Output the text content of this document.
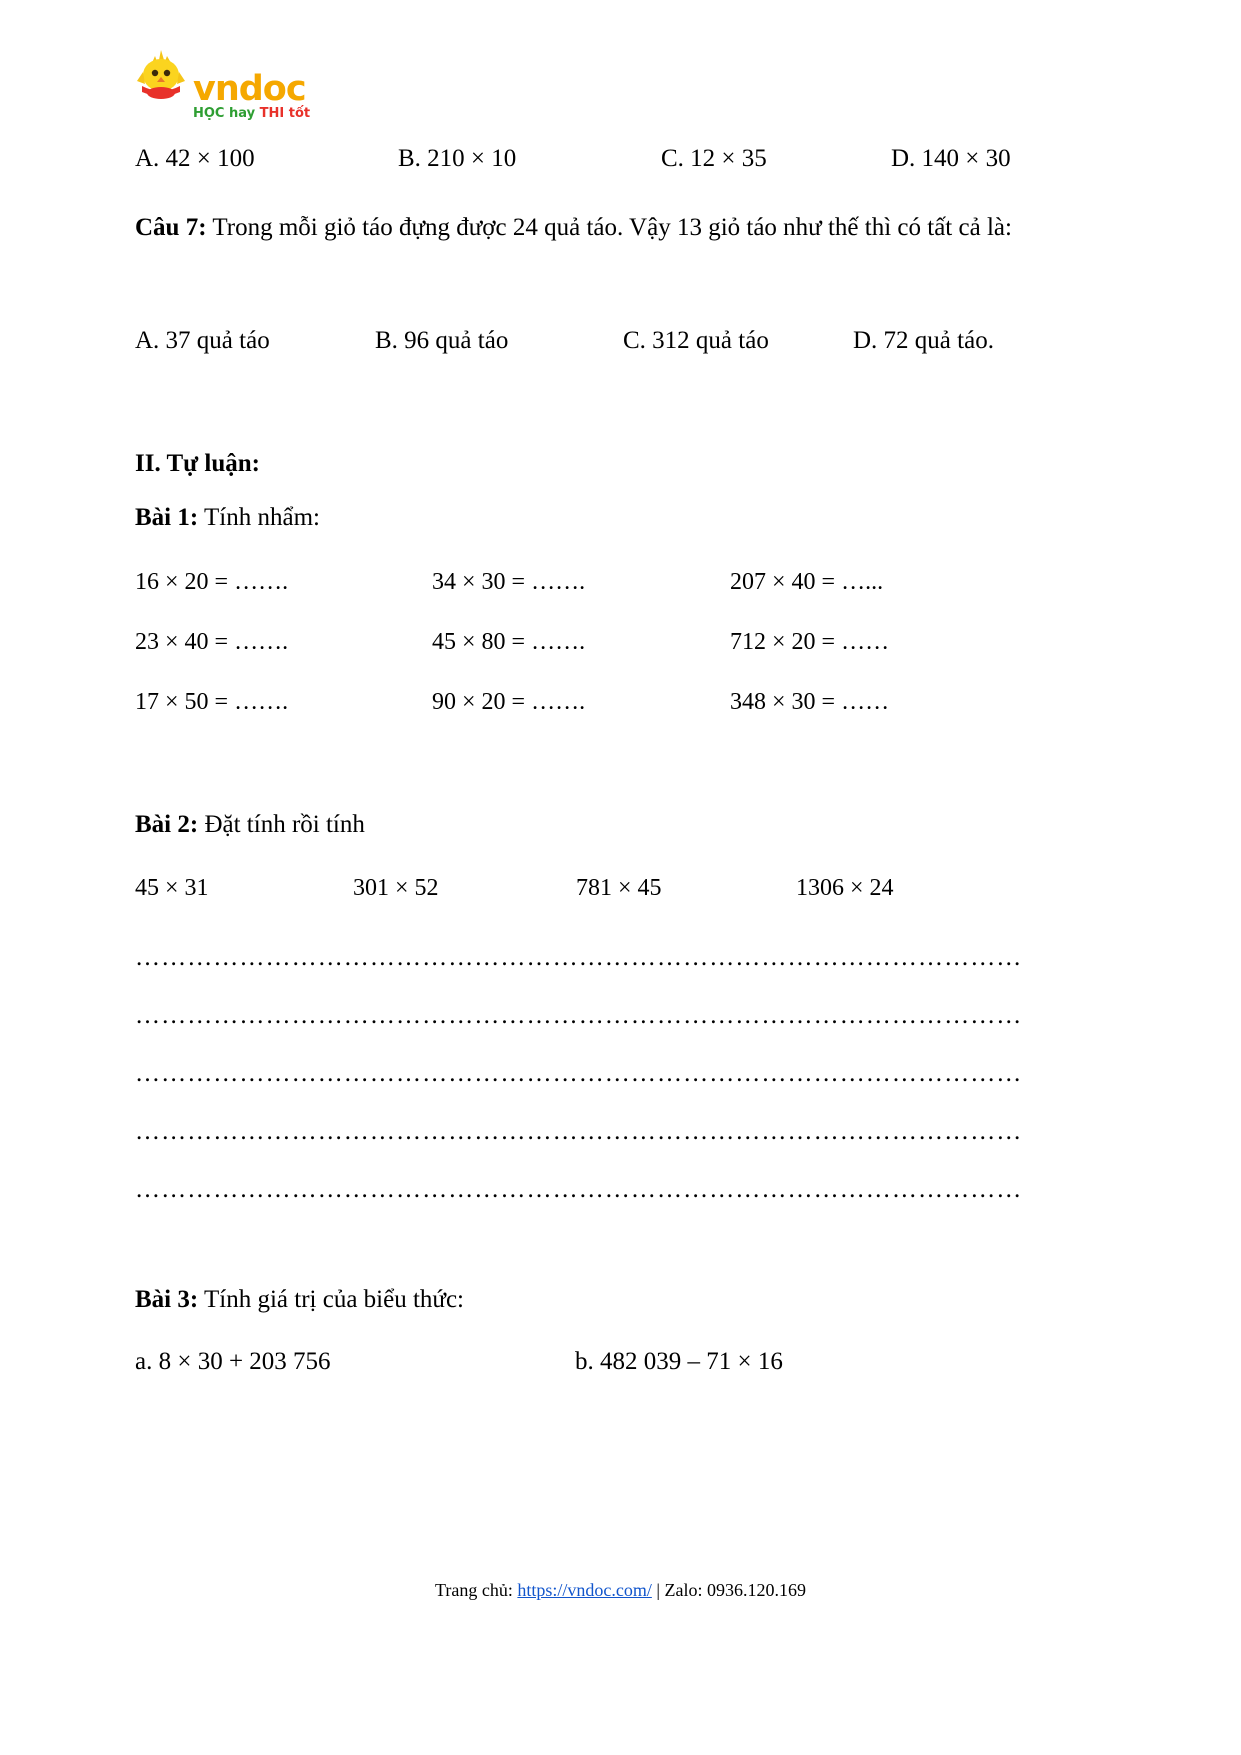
vndoc
HỌC hay THI tốt
A. 42 × 100	B. 210 × 10	C. 12 × 35	D. 140 × 30
Câu 7: Trong mỗi giỏ táo đựng được 24 quả táo. Vậy 13 giỏ táo như thế thì có tất cả là:
A. 37 quả táo	B. 96 quả táo	C. 312 quả táo	D. 72 quả táo.
II. Tự luận:
Bài 1: Tính nhẩm:
16 × 20 = …….	34 × 30 = …….	207 × 40 = …...
23 × 40 = …….	45 × 80 = …….	712 × 20 = ……
17 × 50 = …….	90 × 20 = …….	348 × 30 = ……
Bài 2: Đặt tính rồi tính
45 × 31	301 × 52	781 × 45	1306 × 24
…………………………………………………………………………………………
…………………………………………………………………………………………
…………………………………………………………………………………………
…………………………………………………………………………………………
…………………………………………………………………………………………
Bài 3: Tính giá trị của biểu thức:
a. 8 × 30 + 203 756	b. 482 039 – 71 × 16
Trang chủ: https://vndoc.com/ | Zalo: 0936.120.169
